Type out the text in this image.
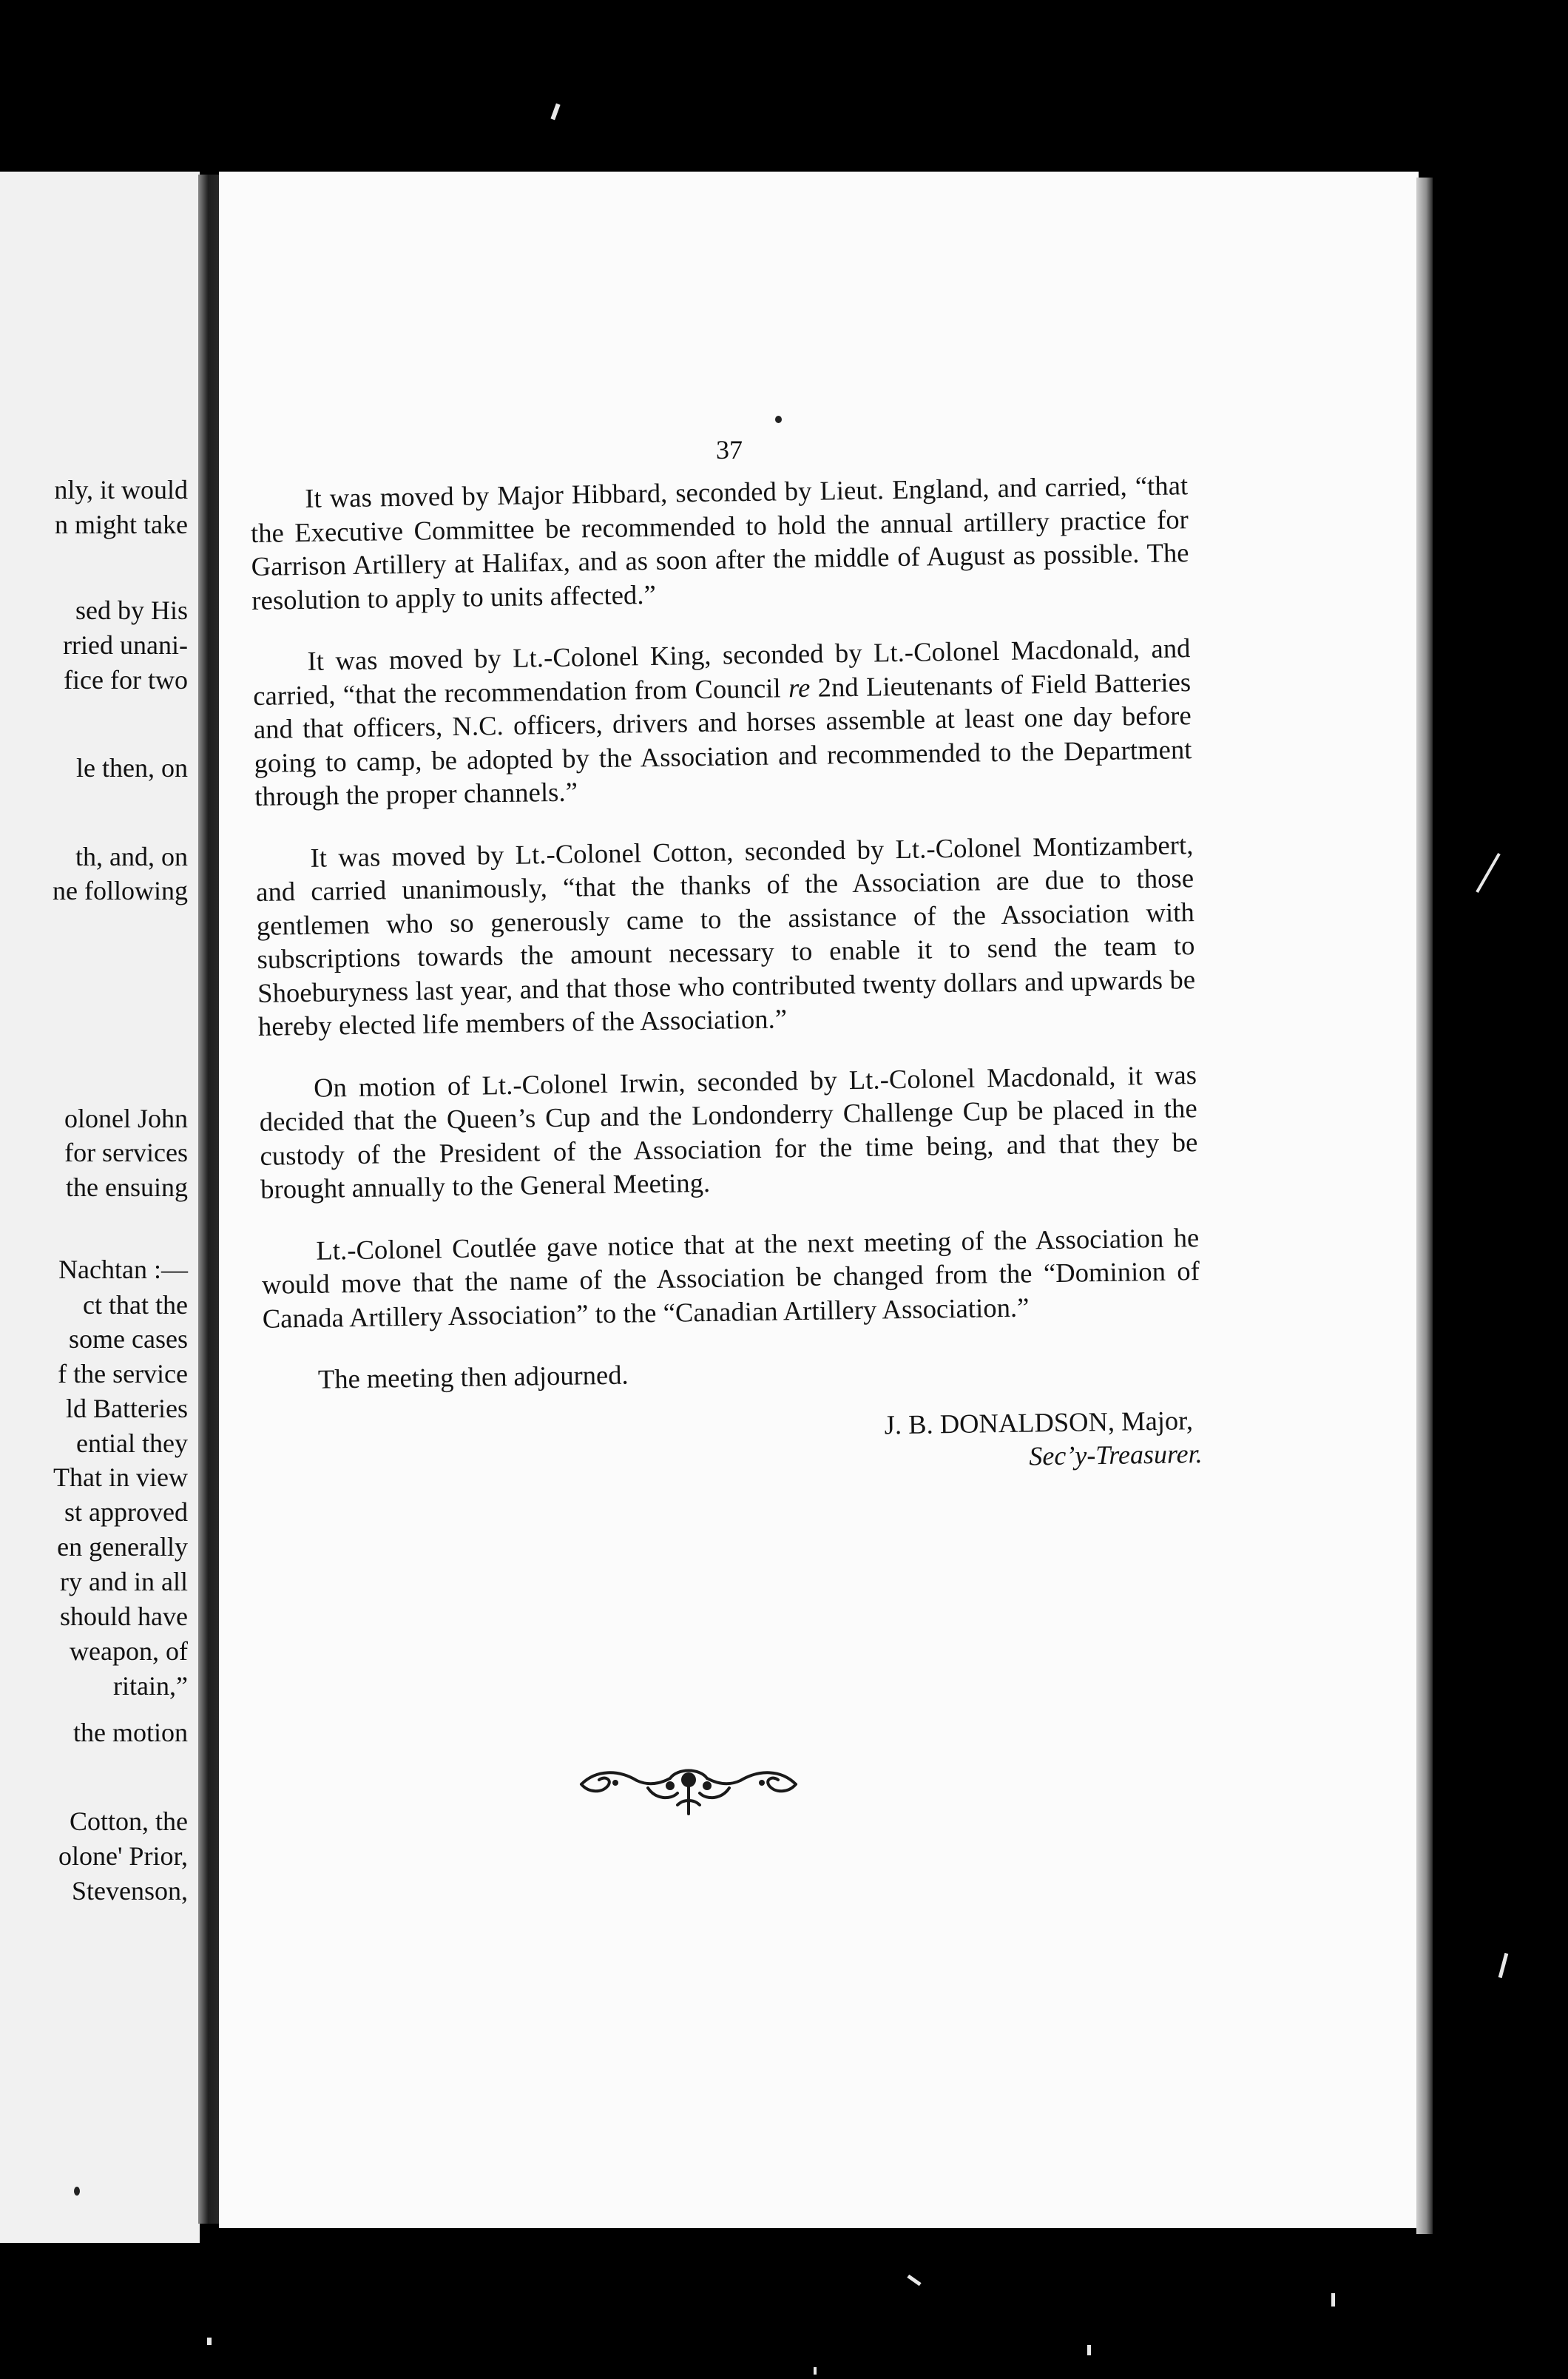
nly, it would

n might take

sed by His

rried unani-

fice for two

le then, on

th, and, on

ne following

olonel John

for services

the ensuing

Nachtan :—

ct that the

some cases

f the service

ld Batteries

ential they

That in view

st approved

en generally

ry and in all

should have

weapon, of

ritain,”

the motion

Cotton, the

olone' Prior,

Stevenson,

37

It was moved by Major Hibbard, seconded by Lieut. England, and carried, “that the Executive Committee be recommended to hold the annual artillery practice for Garrison Artillery at Halifax, and as soon after the middle of August as possible. The resolution to apply to units affected.”

It was moved by Lt.-Colonel King, seconded by Lt.-Colonel Macdonald, and carried, “that the recommendation from Council re 2nd Lieutenants of Field Batteries and that officers, N.C. officers, drivers and horses assemble at least one day before going to camp, be adopted by the Association and recommended to the Department through the proper channels.”

It was moved by Lt.-Colonel Cotton, seconded by Lt.-Colonel Montizambert, and carried unanimously, “that the thanks of the Association are due to those gentlemen who so generously came to the assistance of the Association with subscriptions towards the amount necessary to enable it to send the team to Shoeburyness last year, and that those who contributed twenty dollars and upwards be hereby elected life members of the Association.”

On motion of Lt.-Colonel Irwin, seconded by Lt.-Colonel Macdonald, it was decided that the Queen’s Cup and the Londonderry Challenge Cup be placed in the custody of the President of the Association for the time being, and that they be brought annually to the General Meeting.

Lt.-Colonel Coutlée gave notice that at the next meeting of the Association he would move that the name of the Association be changed from the “Dominion of Canada Artillery Association” to the “Canadian Artillery Association.”

The meeting then adjourned.

J. B. DONALDSON, Major,

Sec’y-Treasurer.
